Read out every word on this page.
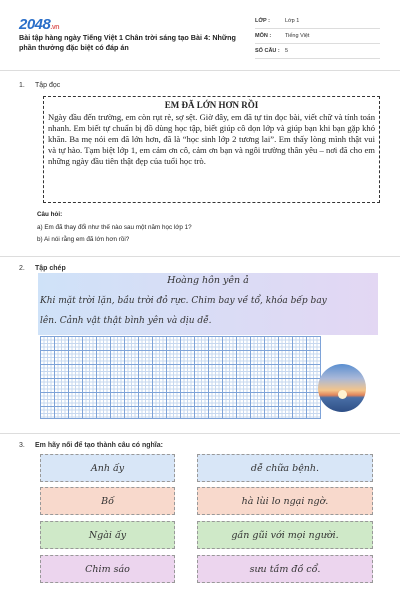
2048.vn
Bài tập hàng ngày Tiếng Việt 1 Chân trời sáng tạo Bài 4: Những phần thưởng đặc biệt có đáp án
LỚP :	Lớp 1
MÔN :	Tiếng Việt
SỐ CÂU : 5
1. Tập đọc
EM ĐÃ LỚN HƠN RỒI
Ngày đầu đến trường, em còn rụt rè, sợ sệt. Giờ đây, em đã tự tin đọc bài, viết chữ và tính toán nhanh. Em biết tự chuẩn bị đồ dùng học tập, biết giúp cô dọn lớp và giúp bạn khi bạn gặp khó khăn. Ba mẹ nói em đã lớn hơn, đã là “học sinh lớp 2 tương lai”. Em thấy lòng mình thật vui và tự hào. Tạm biệt lớp 1, em cảm ơn cô, cảm ơn bạn và ngôi trường thân yêu – nơi đã cho em những ngày đầu tiên thật đẹp của tuổi học trò.
Câu hỏi:
a) Em đã thay đổi như thế nào sau một năm học lớp 1?
b) Ai nói rằng em đã lớn hơn rồi?
2. Tập chép
Hoàng hôn yên ả
Khi mặt trời lặn, bầu trời đỏ rực. Chim bay về tổ, khóa bếp bay
lên. Cảnh vật thật bình yên và dịu dễ.
3. Em hãy nối để tạo thành câu có nghĩa:
Anh ấy
Bố
Ngài ấy
Chim sáo
dễ chữa bệnh.
hà lùi lo ngại ngờ.
gần gũi với mọi người.
sưu tầm đồ cổ.
